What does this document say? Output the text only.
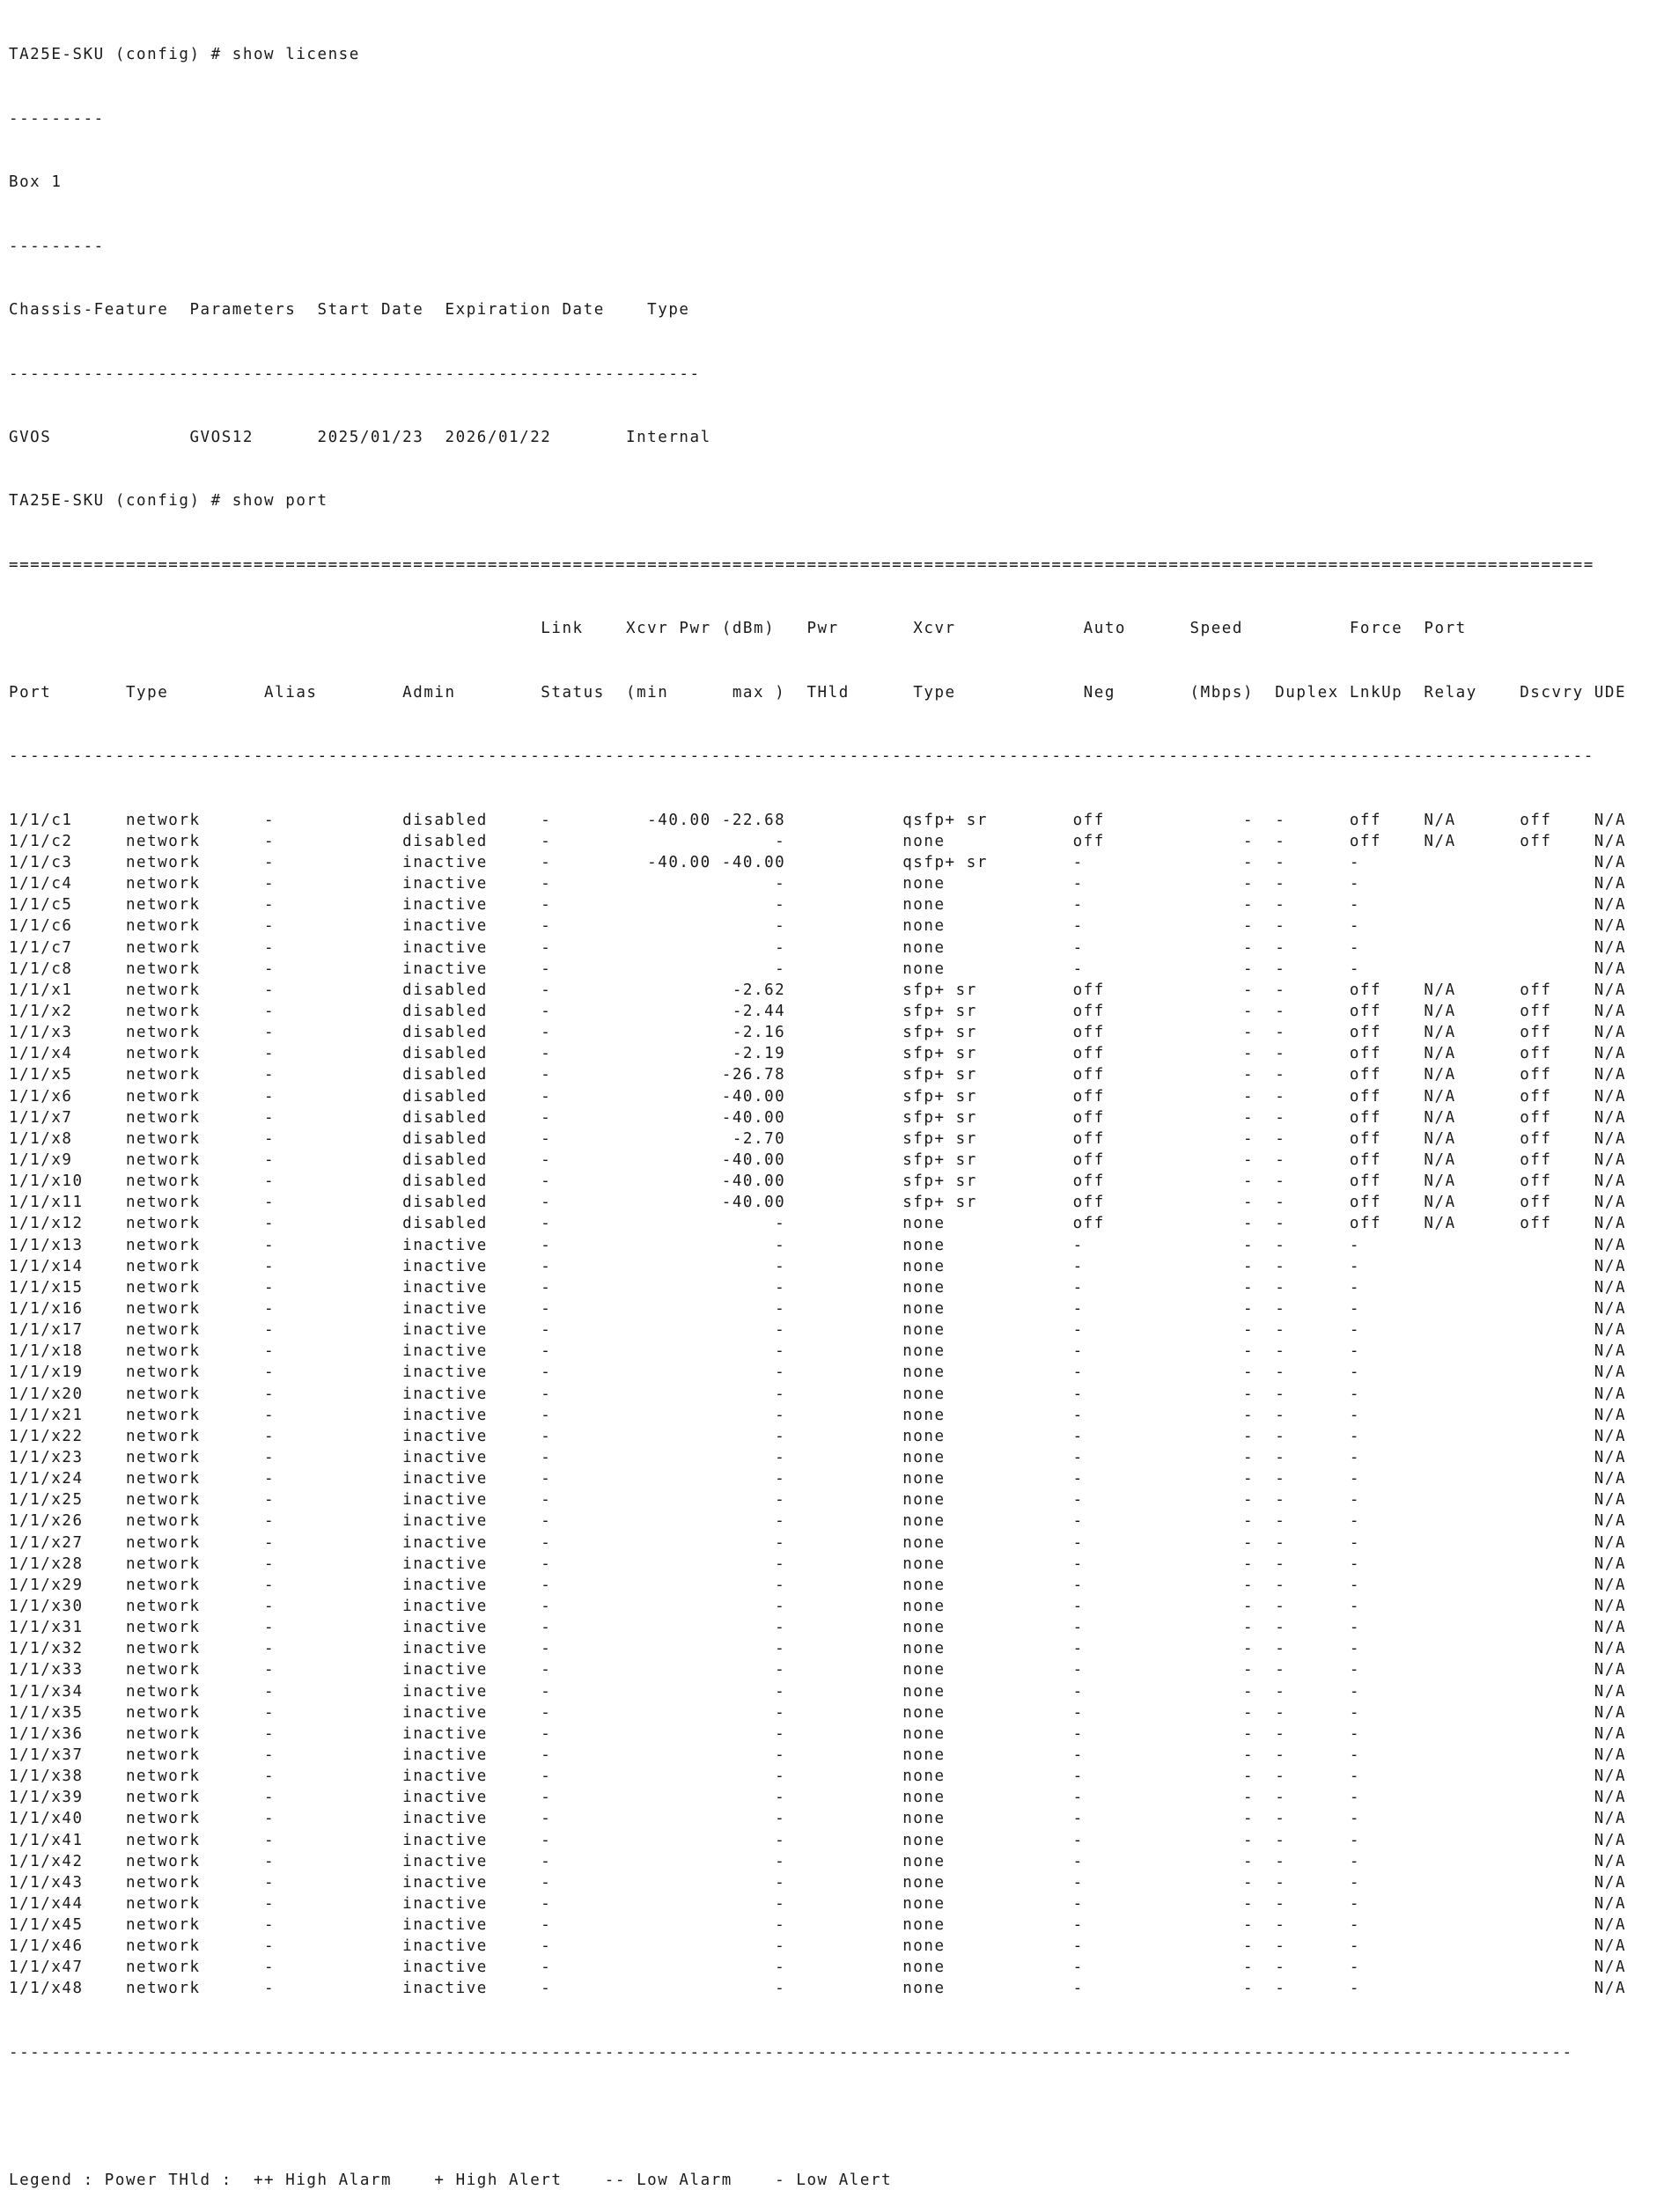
TA25E-SKU (config) # show license

---------

Box 1

---------

Chassis-Feature  Parameters  Start Date  Expiration Date    Type

-----------------------------------------------------------------

GVOS             GVOS12      2025/01/23  2026/01/22       Internal

TA25E-SKU (config) # show port

=====================================================================================================================================================

Link    Xcvr Pwr (dBm)   Pwr       Xcvr            Auto      Speed          Force  Port

Port       Type         Alias        Admin        Status  (min      max )  THld      Type            Neg       (Mbps)  Duplex LnkUp  Relay    Dscvry UDE

-----------------------------------------------------------------------------------------------------------------------------------------------------

1/1/c1     network      -            disabled     -         -40.00 -22.68           qsfp+ sr        off             -  -      off    N/A      off    N/A
1/1/c2     network      -            disabled     -                     -           none            off             -  -      off    N/A      off    N/A
1/1/c3     network      -            inactive     -         -40.00 -40.00           qsfp+ sr        -               -  -      -                      N/A
1/1/c4     network      -            inactive     -                     -           none            -               -  -      -                      N/A
1/1/c5     network      -            inactive     -                     -           none            -               -  -      -                      N/A
1/1/c6     network      -            inactive     -                     -           none            -               -  -      -                      N/A
1/1/c7     network      -            inactive     -                     -           none            -               -  -      -                      N/A
1/1/c8     network      -            inactive     -                     -           none            -               -  -      -                      N/A
1/1/x1     network      -            disabled     -                 -2.62           sfp+ sr         off             -  -      off    N/A      off    N/A
1/1/x2     network      -            disabled     -                 -2.44           sfp+ sr         off             -  -      off    N/A      off    N/A
1/1/x3     network      -            disabled     -                 -2.16           sfp+ sr         off             -  -      off    N/A      off    N/A
1/1/x4     network      -            disabled     -                 -2.19           sfp+ sr         off             -  -      off    N/A      off    N/A
1/1/x5     network      -            disabled     -                -26.78           sfp+ sr         off             -  -      off    N/A      off    N/A
1/1/x6     network      -            disabled     -                -40.00           sfp+ sr         off             -  -      off    N/A      off    N/A
1/1/x7     network      -            disabled     -                -40.00           sfp+ sr         off             -  -      off    N/A      off    N/A
1/1/x8     network      -            disabled     -                 -2.70           sfp+ sr         off             -  -      off    N/A      off    N/A
1/1/x9     network      -            disabled     -                -40.00           sfp+ sr         off             -  -      off    N/A      off    N/A
1/1/x10    network      -            disabled     -                -40.00           sfp+ sr         off             -  -      off    N/A      off    N/A
1/1/x11    network      -            disabled     -                -40.00           sfp+ sr         off             -  -      off    N/A      off    N/A
1/1/x12    network      -            disabled     -                     -           none            off             -  -      off    N/A      off    N/A
1/1/x13    network      -            inactive     -                     -           none            -               -  -      -                      N/A
1/1/x14    network      -            inactive     -                     -           none            -               -  -      -                      N/A
1/1/x15    network      -            inactive     -                     -           none            -               -  -      -                      N/A
1/1/x16    network      -            inactive     -                     -           none            -               -  -      -                      N/A
1/1/x17    network      -            inactive     -                     -           none            -               -  -      -                      N/A
1/1/x18    network      -            inactive     -                     -           none            -               -  -      -                      N/A
1/1/x19    network      -            inactive     -                     -           none            -               -  -      -                      N/A
1/1/x20    network      -            inactive     -                     -           none            -               -  -      -                      N/A
1/1/x21    network      -            inactive     -                     -           none            -               -  -      -                      N/A
1/1/x22    network      -            inactive     -                     -           none            -               -  -      -                      N/A
1/1/x23    network      -            inactive     -                     -           none            -               -  -      -                      N/A
1/1/x24    network      -            inactive     -                     -           none            -               -  -      -                      N/A
1/1/x25    network      -            inactive     -                     -           none            -               -  -      -                      N/A
1/1/x26    network      -            inactive     -                     -           none            -               -  -      -                      N/A
1/1/x27    network      -            inactive     -                     -           none            -               -  -      -                      N/A
1/1/x28    network      -            inactive     -                     -           none            -               -  -      -                      N/A
1/1/x29    network      -            inactive     -                     -           none            -               -  -      -                      N/A
1/1/x30    network      -            inactive     -                     -           none            -               -  -      -                      N/A
1/1/x31    network      -            inactive     -                     -           none            -               -  -      -                      N/A
1/1/x32    network      -            inactive     -                     -           none            -               -  -      -                      N/A
1/1/x33    network      -            inactive     -                     -           none            -               -  -      -                      N/A
1/1/x34    network      -            inactive     -                     -           none            -               -  -      -                      N/A
1/1/x35    network      -            inactive     -                     -           none            -               -  -      -                      N/A
1/1/x36    network      -            inactive     -                     -           none            -               -  -      -                      N/A
1/1/x37    network      -            inactive     -                     -           none            -               -  -      -                      N/A
1/1/x38    network      -            inactive     -                     -           none            -               -  -      -                      N/A
1/1/x39    network      -            inactive     -                     -           none            -               -  -      -                      N/A
1/1/x40    network      -            inactive     -                     -           none            -               -  -      -                      N/A
1/1/x41    network      -            inactive     -                     -           none            -               -  -      -                      N/A
1/1/x42    network      -            inactive     -                     -           none            -               -  -      -                      N/A
1/1/x43    network      -            inactive     -                     -           none            -               -  -      -                      N/A
1/1/x44    network      -            inactive     -                     -           none            -               -  -      -                      N/A
1/1/x45    network      -            inactive     -                     -           none            -               -  -      -                      N/A
1/1/x46    network      -            inactive     -                     -           none            -               -  -      -                      N/A
1/1/x47    network      -            inactive     -                     -           none            -               -  -      -                      N/A
1/1/x48    network      -            inactive     -                     -           none            -               -  -      -                      N/A

---------------------------------------------------------------------------------------------------------------------------------------------------

Legend : Power THld :  ++ High Alarm    + High Alert    -- Low Alarm    - Low Alert
